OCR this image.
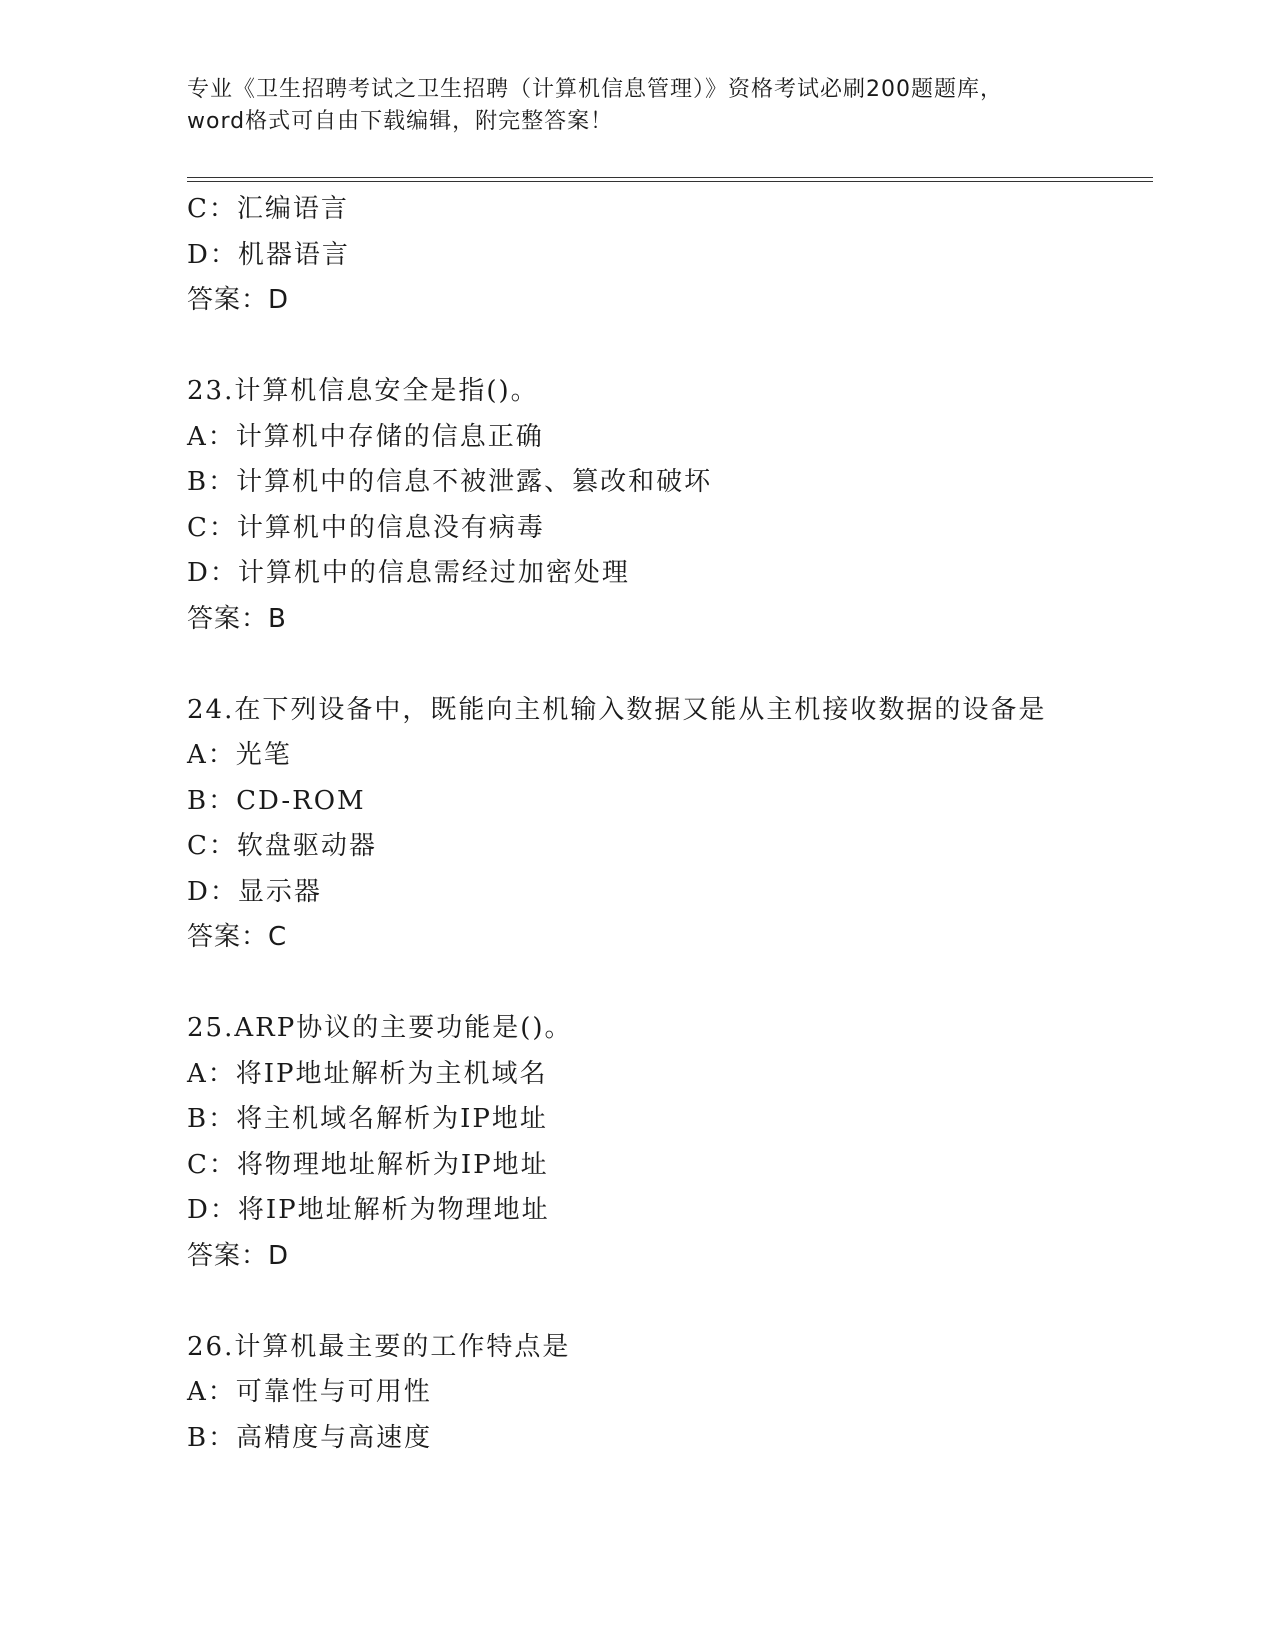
专业《卫生招聘考试之卫生招聘（计算机信息管理）》资格考试必刷200题题库，
word格式可自由下载编辑，附完整答案！
C：汇编语言
D：机器语言
答案：D
23.计算机信息安全是指()。
A：计算机中存储的信息正确
B：计算机中的信息不被泄露、篡改和破坏
C：计算机中的信息没有病毒
D：计算机中的信息需经过加密处理
答案：B
24.在下列设备中，既能向主机输入数据又能从主机接收数据的设备是
A：光笔
B：CD-ROM
C：软盘驱动器
D：显示器
答案：C
25.ARP协议的主要功能是()。
A：将IP地址解析为主机域名
B：将主机域名解析为IP地址
C：将物理地址解析为IP地址
D：将IP地址解析为物理地址
答案：D
26.计算机最主要的工作特点是
A：可靠性与可用性
B：高精度与高速度
